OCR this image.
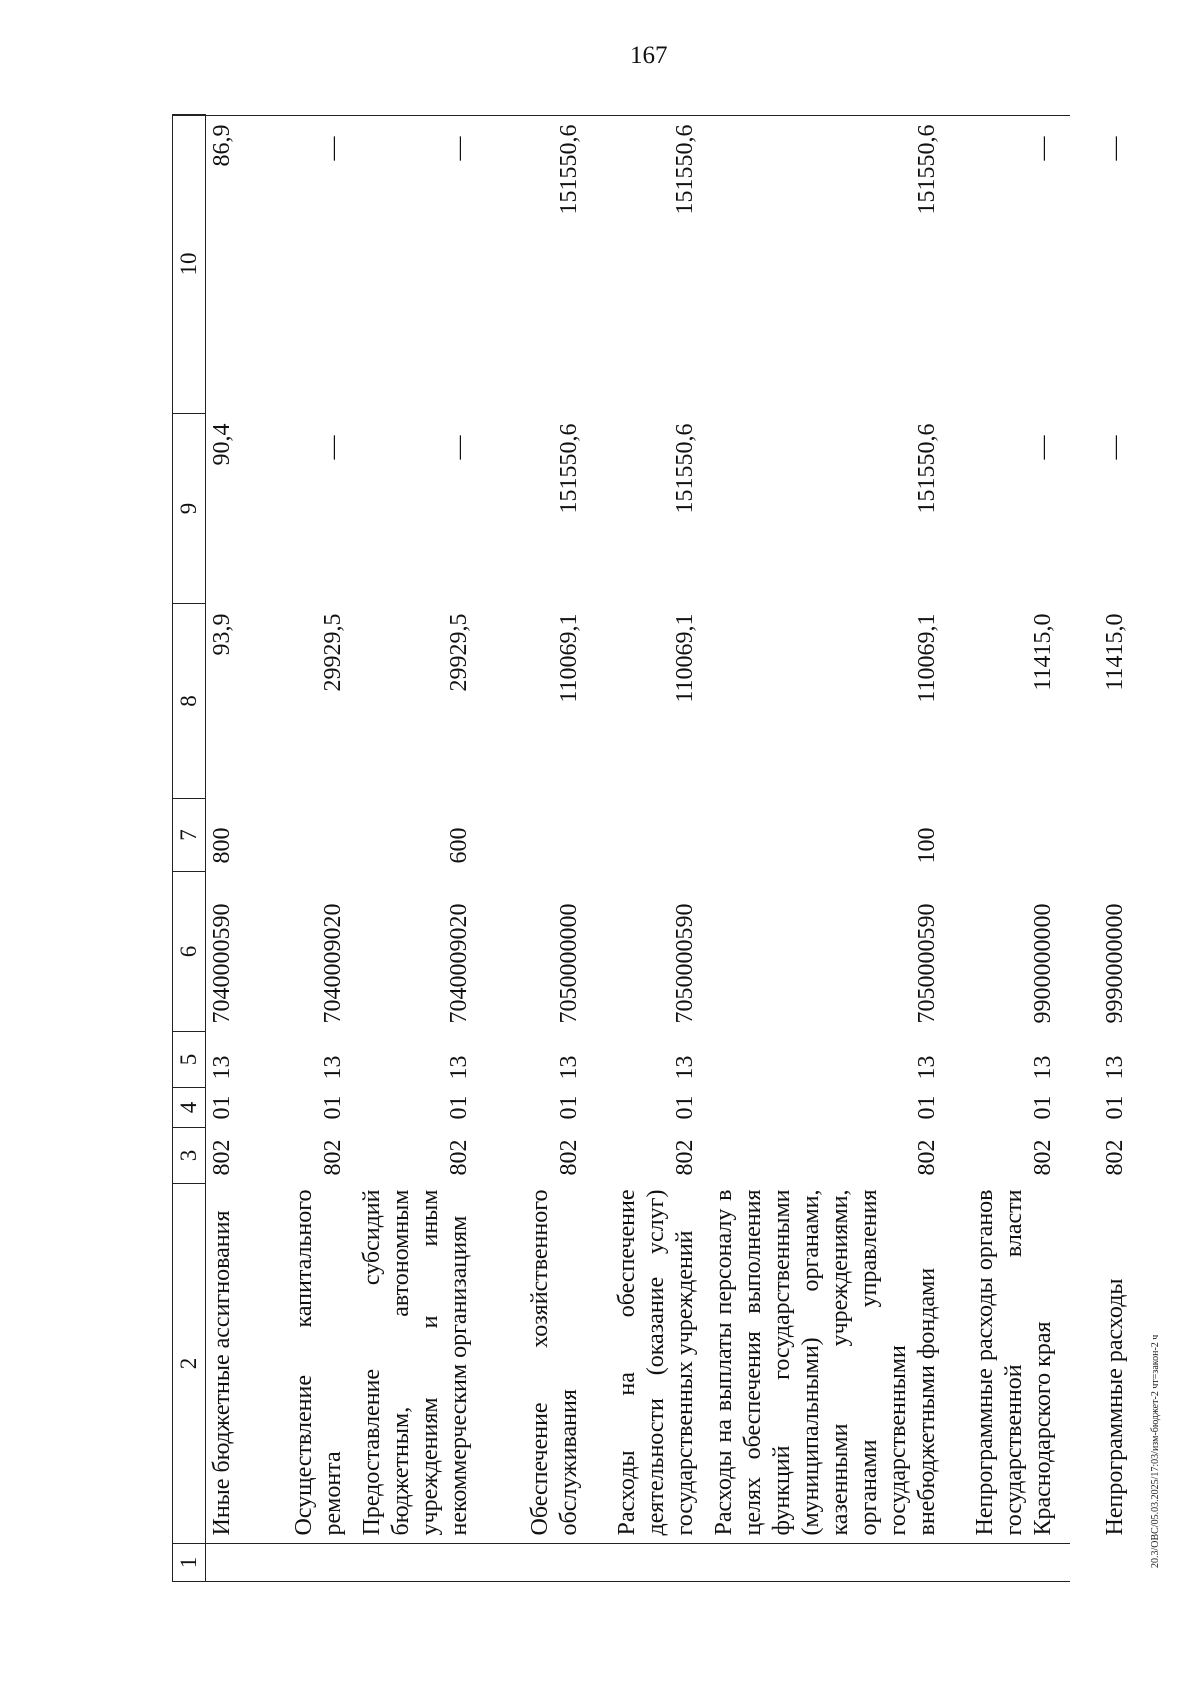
167
20.3/ОВС/05.03.2025/17:03/изм-бюджет-2 чт=закон-2 ч
1	2	3	4	5	6	7	8	9	10
	Иные бюджетные ассигнования	802	01	13	7040000590	800	93,9	90,4	86,9
	Осуществление капитального ремонта	802	01	13	7040009020		29929,5	—	—
	Предоставление субсидий бюджетным, автономным учреждениям и иным некоммерческим организациям	802	01	13	7040009020	600	29929,5	—	—
	Обеспечение хозяйственного обслуживания	802	01	13	7050000000		110069,1	151550,6	151550,6
	Расходы на обеспечение деятельности (оказание услуг) государственных учреждений	802	01	13	7050000590		110069,1	151550,6	151550,6
	Расходы на выплаты персоналу в целях обеспечения выполнения функций государственными (муниципальными) органами, казенными учреждениями, органами управления государственными внебюджетными фондами	802	01	13	7050000590	100	110069,1	151550,6	151550,6
	Непрограммные расходы органов государственной власти Краснодарского края	802	01	13	9900000000		11415,0	—	—
	Непрограммные расходы	802	01	13	9990000000		11415,0	—	—
